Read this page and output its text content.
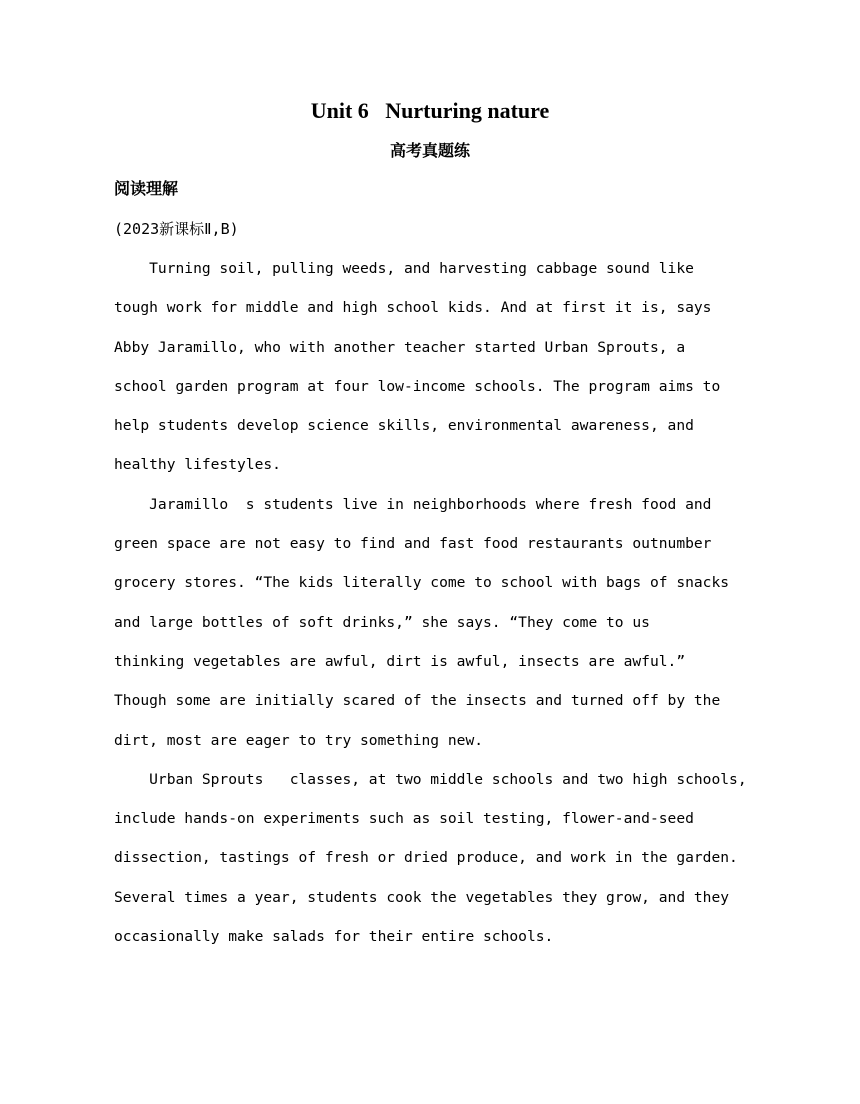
Unit 6   Nurturing nature
高考真题练
阅读理解
(2023新课标Ⅱ,B)
Turning soil, pulling weeds, and harvesting cabbage sound like
tough work for middle and high school kids. And at first it is, says
Abby Jaramillo, who with another teacher started Urban Sprouts, a
school garden program at four low-income schools. The program aims to
help students develop science skills, environmental awareness, and
healthy lifestyles.
Jaramillo  s students live in neighborhoods where fresh food and
green space are not easy to find and fast food restaurants outnumber
grocery stores. “The kids literally come to school with bags of snacks
and large bottles of soft drinks,” she says. “They come to us
thinking vegetables are awful, dirt is awful, insects are awful.”
Though some are initially scared of the insects and turned off by the
dirt, most are eager to try something new.
Urban Sprouts   classes, at two middle schools and two high schools,
include hands-on experiments such as soil testing, flower-and-seed
dissection, tastings of fresh or dried produce, and work in the garden.
Several times a year, students cook the vegetables they grow, and they
occasionally make salads for their entire schools.
